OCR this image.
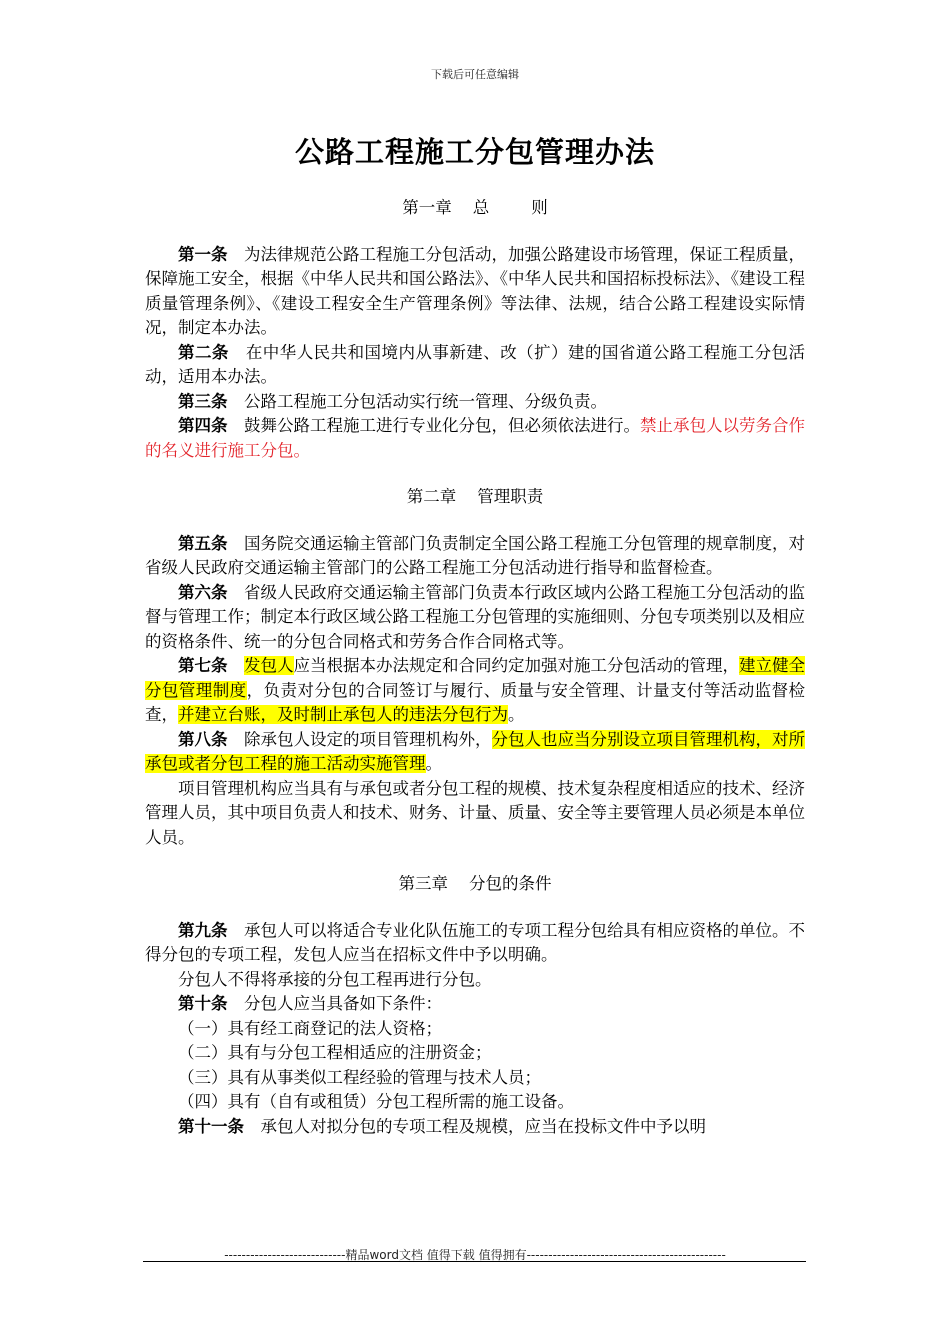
下载后可任意编辑
公路工程施工分包管理办法
第一章    总        则

第一条 为法律规范公路工程施工分包活动，加强公路建设市场管理，保证工程质量，保障施工安全，根据《中华人民共和国公路法》、《中华人民共和国招标投标法》、《建设工程质量管理条例》、《建设工程安全生产管理条例》等法律、法规，结合公路工程建设实际情况，制定本办法。

第二条 在中华人民共和国境内从事新建、改（扩）建的国省道公路工程施工分包活动，适用本办法。

第三条 公路工程施工分包活动实行统一管理、分级负责。

第四条 鼓舞公路工程施工进行专业化分包，但必须依法进行。禁止承包人以劳务合作的名义进行施工分包。

第二章    管理职责

第五条 国务院交通运输主管部门负责制定全国公路工程施工分包管理的规章制度，对省级人民政府交通运输主管部门的公路工程施工分包活动进行指导和监督检查。

第六条 省级人民政府交通运输主管部门负责本行政区域内公路工程施工分包活动的监督与管理工作；制定本行政区域公路工程施工分包管理的实施细则、分包专项类别以及相应的资格条件、统一的分包合同格式和劳务合作合同格式等。

第七条 发包人应当根据本办法规定和合同约定加强对施工分包活动的管理，建立健全分包管理制度，负责对分包的合同签订与履行、质量与安全管理、计量支付等活动监督检查，并建立台账，及时制止承包人的违法分包行为。

第八条 除承包人设定的项目管理机构外，分包人也应当分别设立项目管理机构，对所承包或者分包工程的施工活动实施管理。

项目管理机构应当具有与承包或者分包工程的规模、技术复杂程度相适应的技术、经济管理人员，其中项目负责人和技术、财务、计量、质量、安全等主要管理人员必须是本单位人员。

第三章    分包的条件

第九条 承包人可以将适合专业化队伍施工的专项工程分包给具有相应资格的单位。不得分包的专项工程，发包人应当在招标文件中予以明确。

分包人不得将承接的分包工程再进行分包。

第十条 分包人应当具备如下条件：

（一）具有经工商登记的法人资格；

（二）具有与分包工程相适应的注册资金；

（三）具有从事类似工程经验的管理与技术人员；

（四）具有（自有或租赁）分包工程所需的施工设备。

第十一条 承包人对拟分包的专项工程及规模，应当在投标文件中予以明

----------------------------精品word文档 值得下载 值得拥有----------------------------------------------
